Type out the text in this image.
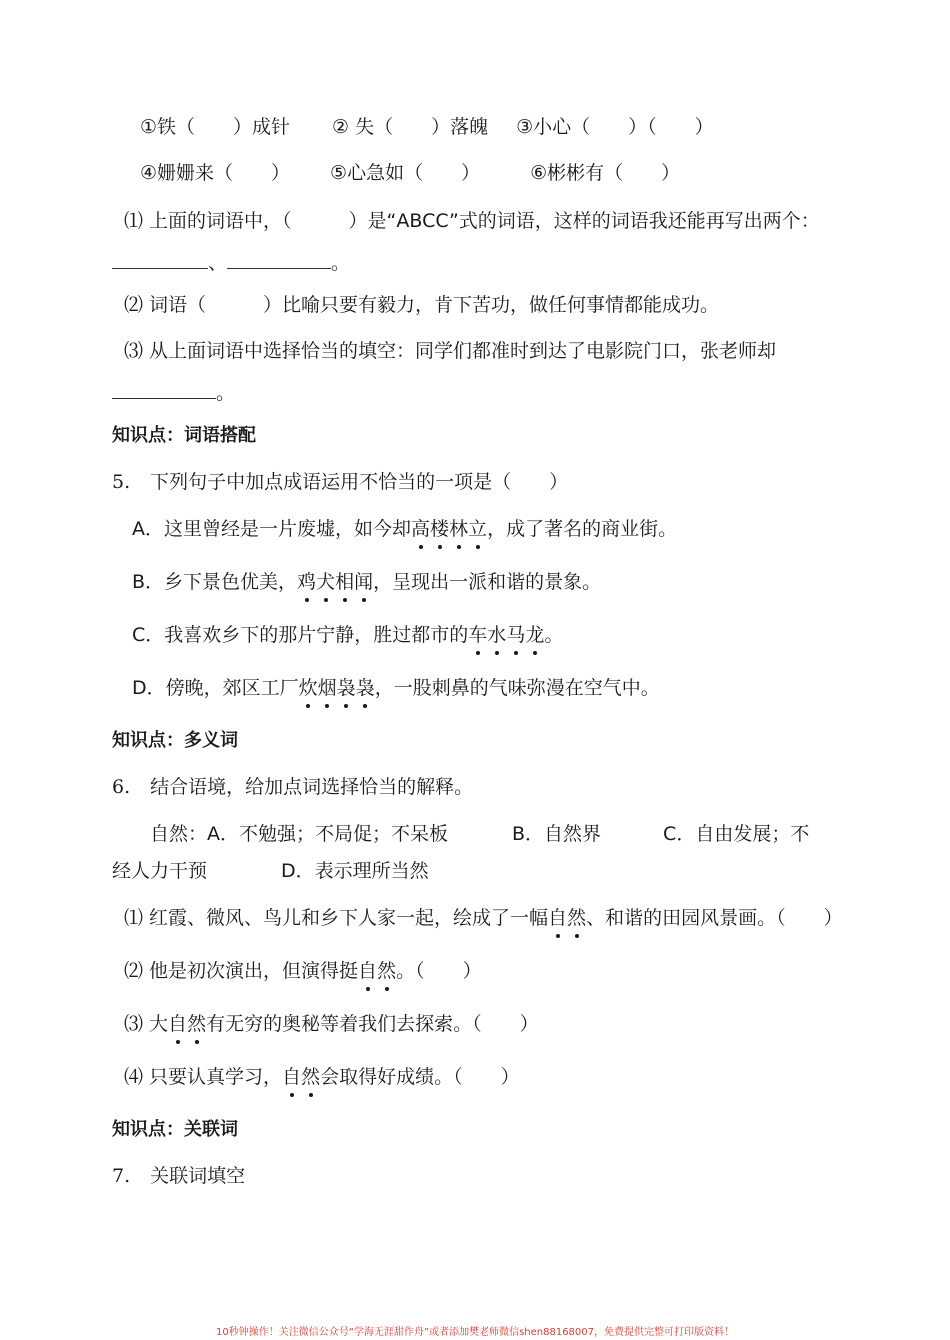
①铁（　　）成针 ② 失（　　）落魄 ③小心（　　）（　　）
④姗姗来（　　） ⑤心急如（　　）	⑥彬彬有（　　）
⑴ 上面的词语中，（　　　）是“ABCC”式的词语，这样的词语我还能再写出两个：
、	。
⑵ 词语（　　　）比喻只要有毅力，肯下苦功，做任何事情都能成功。
⑶ 从上面词语中选择恰当的填空：同学们都准时到达了电影院门口，张老师却
。
知识点：词语搭配
5. 下列句子中加点成语运用不恰当的一项是（　　）
A．这里曾经是一片废墟，如今却高楼林立，成了著名的商业街。
B．乡下景色优美，鸡犬相闻，呈现出一派和谐的景象。
C．我喜欢乡下的那片宁静，胜过都市的车水马龙。
D．傍晚，郊区工厂炊烟袅袅，一股刺鼻的气味弥漫在空气中。
知识点：多义词
6. 结合语境，给加点词选择恰当的解释。
自然：A．不勉强；不局促；不呆板	B．自然界	C．自由发展；不
经人力干预	D．表示理所当然
⑴ 红霞、微风、鸟儿和乡下人家一起，绘成了一幅自然、和谐的田园风景画。（　　）
⑵ 他是初次演出，但演得挺自然。（　　）
⑶ 大自然有无穷的奥秘等着我们去探索。（　　）
⑷ 只要认真学习，自然会取得好成绩。（　　）
知识点：关联词
7. 关联词填空
10秒钟操作！关注微信公众号“学海无涯甜作舟”或者添加樊老师微信shen88168007，免费提供完整可打印版资料！
